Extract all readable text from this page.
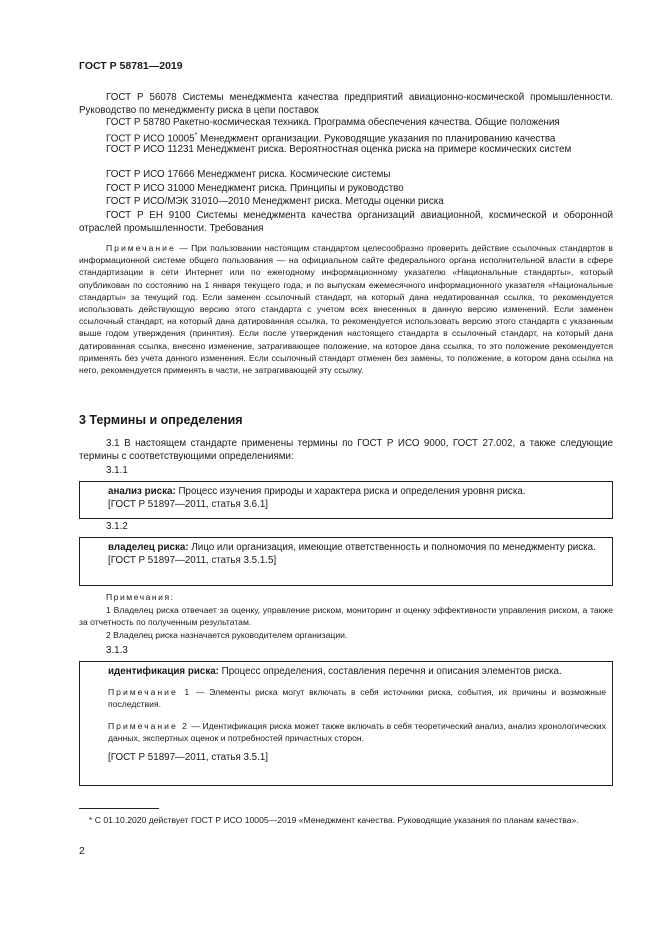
ГОСТ Р 58781—2019
ГОСТ Р 56078 Системы менеджмента качества предприятий авиационно-космической промышленности. Руководство по менеджменту риска в цепи поставок
ГОСТ Р 58780 Ракетно-космическая техника. Программа обеспечения качества. Общие положения
ГОСТ Р ИСО 10005* Менеджмент организации. Руководящие указания по планированию качества
ГОСТ Р ИСО 11231 Менеджмент риска. Вероятностная оценка риска на примере космических систем
ГОСТ Р ИСО 17666 Менеджмент риска. Космические системы
ГОСТ Р ИСО 31000 Менеджмент риска. Принципы и руководство
ГОСТ Р ИСО/МЭК 31010—2010 Менеджмент риска. Методы оценки риска
ГОСТ Р ЕН 9100 Системы менеджмента качества организаций авиационной, космической и оборонной отраслей промышленности. Требования
Примечание — При пользовании настоящим стандартом целесообразно проверить действие ссылочных стандартов в информационной системе общего пользования — на официальном сайте федерального органа исполнительной власти в сфере стандартизации в сети Интернет или по ежегодному информационному указателю «Национальные стандарты», который опубликован по состоянию на 1 января текущего года, и по выпускам ежемесячного информационного указателя «Национальные стандарты» за текущий год. Если заменен ссылочный стандарт, на который дана недатированная ссылка, то рекомендуется использовать действующую версию этого стандарта с учетом всех внесенных в данную версию изменений. Если заменен ссылочный стандарт, на который дана датированная ссылка, то рекомендуется использовать версию этого стандарта с указанным выше годом утверждения (принятия). Если после утверждения настоящего стандарта в ссылочный стандарт, на который дана датированная ссылка, внесено изменение, затрагивающее положение, на которое дана ссылка, то это положение рекомендуется применять без учета данного изменения. Если ссылочный стандарт отменен без замены, то положение, в котором дана ссылка на него, рекомендуется применять в части, не затрагивающей эту ссылку.
3 Термины и определения
3.1 В настоящем стандарте применены термины по ГОСТ Р ИСО 9000, ГОСТ 27.002, а также следующие термины с соответствующими определениями:
3.1.1
анализ риска: Процесс изучения природы и характера риска и определения уровня риска.
[ГОСТ Р 51897—2011, статья 3.6.1]
3.1.2
владелец риска: Лицо или организация, имеющие ответственность и полномочия по менеджменту риска.
[ГОСТ Р 51897—2011, статья 3.5.1.5]
Примечания:
1 Владелец риска отвечает за оценку, управление риском, мониторинг и оценку эффективности управления риском, а также за отчетность по полученным результатам.
2 Владелец риска назначается руководителем организации.
3.1.3
идентификация риска: Процесс определения, составления перечня и описания элементов риска.
Примечание 1 — Элементы риска могут включать в себя источники риска, события, их причины и возможные последствия.
Примечание 2 — Идентификация риска может также включать в себя теоретический анализ, анализ хронологических данных, экспертных оценок и потребностей причастных сторон.
[ГОСТ Р 51897—2011, статья 3.5.1]
* С 01.10.2020 действует ГОСТ Р ИСО 10005—2019 «Менеджмент качества. Руководящие указания по планам качества».
2
